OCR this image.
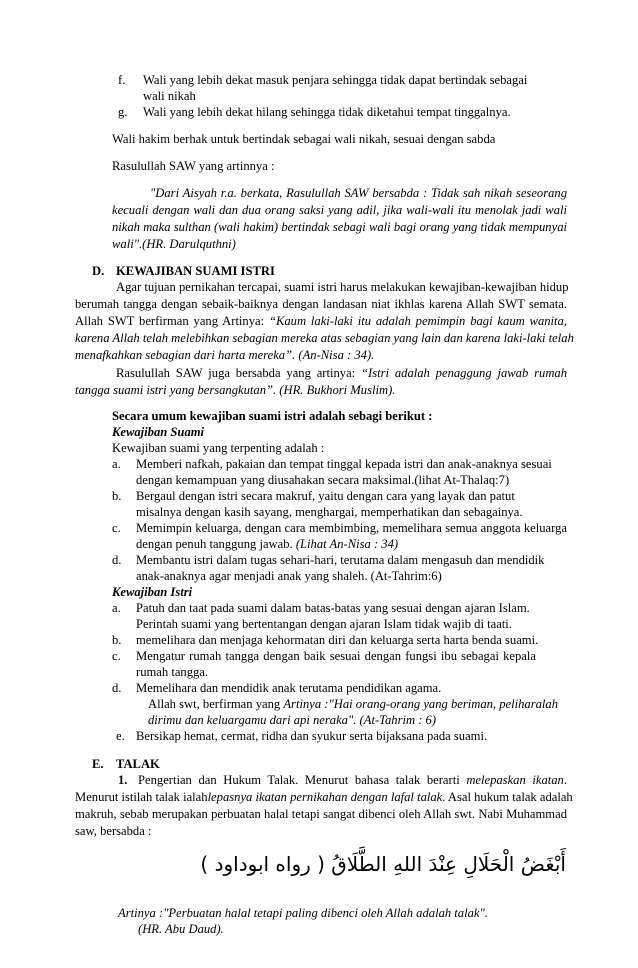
f. Wali yang lebih dekat masuk penjara sehingga tidak dapat bertindak sebagai
wali nikah
g. Wali yang lebih dekat hilang sehingga tidak diketahui tempat tinggalnya.
Wali hakim berhak untuk bertindak sebagai wali nikah, sesuai dengan sabda
Rasulullah SAW yang artinnya :
"Dari Aisyah r.a. berkata, Rasulullah SAW bersabda : Tidak sah nikah seseorang
kecuali dengan wali dan dua orang saksi yang adil, jika wali-wali itu menolak jadi wali
nikah maka sulthan (wali hakim) bertindak sebagi wali bagi orang yang tidak mempunyai
wali".(HR. Darulquthni)
D. KEWAJIBAN SUAMI ISTRI
Agar tujuan pernikahan tercapai, suami istri harus melakukan kewajiban-kewajiban hidup
berumah tangga dengan sebaik-baiknya dengan landasan niat ikhlas karena Allah SWT semata.
Allah SWT berfirman yang Artinya: “Kaum laki-laki itu adalah pemimpin bagi kaum wanita,
karena Allah telah melebihkan sebagian mereka atas sebagian yang lain dan karena laki-laki telah
menafkahkan sebagian dari harta mereka”. (An-Nisa : 34).
Rasulullah SAW juga bersabda yang artinya: “Istri adalah penaggung jawab rumah
tangga suami istri yang bersangkutan”. (HR. Bukhori Muslim).
Secara umum kewajiban suami istri adalah sebagi berikut :
Kewajiban Suami
Kewajiban suami yang terpenting adalah :
a. Memberi nafkah, pakaian dan tempat tinggal kepada istri dan anak-anaknya sesuai
dengan kemampuan yang diusahakan secara maksimal.(lihat At-Thalaq:7)
b. Bergaul dengan istri secara makruf, yaitu dengan cara yang layak dan patut
misalnya dengan kasih sayang, menghargai, memperhatikan dan sebagainya.
c. Memimpin keluarga, dengan cara membimbing, memelihara semua anggota keluarga
dengan penuh tanggung jawab. (Lihat An-Nisa : 34)
d. Membantu istri dalam tugas sehari-hari, terutama dalam mengasuh dan mendidik
anak-anaknya agar menjadi anak yang shaleh. (At-Tahrim:6)
Kewajiban Istri
a. Patuh dan taat pada suami dalam batas-batas yang sesuai dengan ajaran Islam.
Perintah suami yang bertentangan dengan ajaran Islam tidak wajib di taati.
b. memelihara dan menjaga kehormatan diri dan keluarga serta harta benda suami.
c. Mengatur rumah tangga dengan baik sesuai dengan fungsi ibu sebagai kepala
rumah tangga.
d. Memelihara dan mendidik anak terutama pendidikan agama.
Allah swt, berfirman yang Artinya :"Hai orang-orang yang beriman, peliharalah
dirimu dan keluargamu dari api neraka". (At-Tahrim : 6)
e. Bersikap hemat, cermat, ridha dan syukur serta bijaksana pada suami.
E. TALAK
1. Pengertian dan Hukum Talak. Menurut bahasa talak berarti melepaskan ikatan.
Menurut istilah talak ialahlepasnya ikatan pernikahan dengan lafal talak. Asal hukum talak adalah
makruh, sebab merupakan perbuatan halal tetapi sangat dibenci oleh Allah swt. Nabi Muhammad
saw, bersabda :
أَبْغَضُ الْحَلَالِ عِنْدَ اللهِ الطَّلَاقُ ( رواه ابوداود )
Artinya :"Perbuatan halal tetapi paling dibenci oleh Allah adalah talak".
(HR. Abu Daud).
